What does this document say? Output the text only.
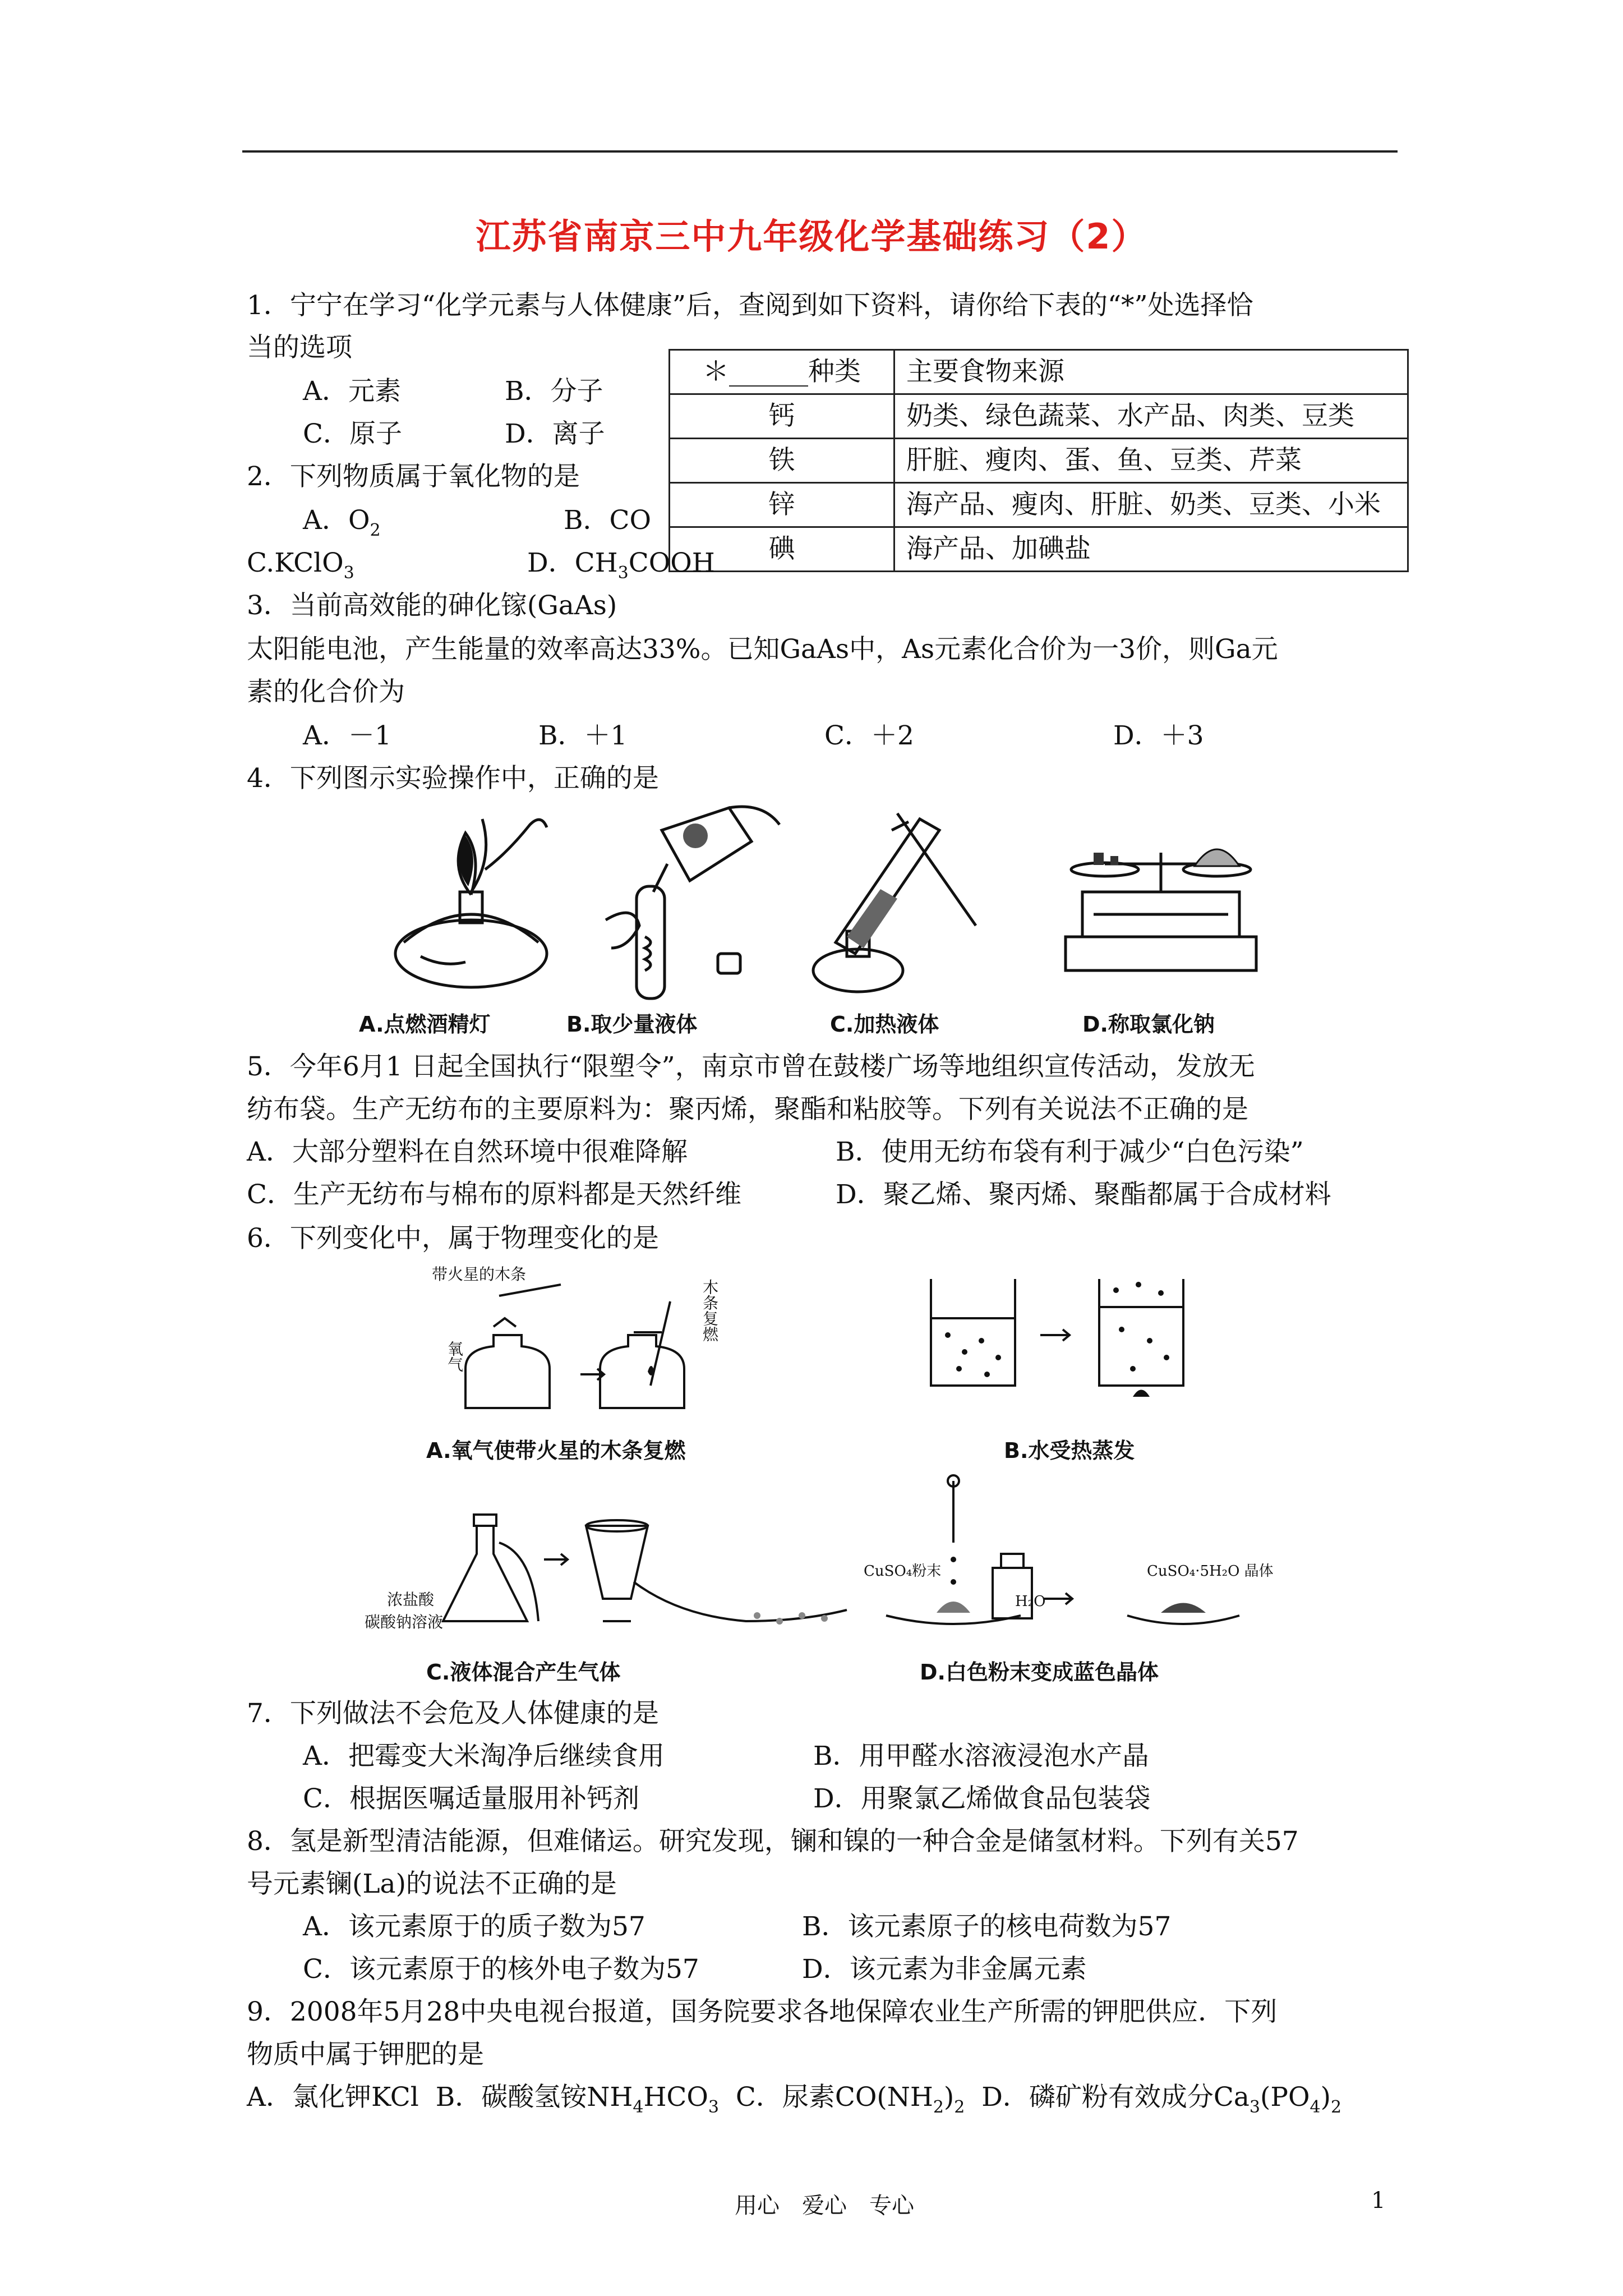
江苏省南京三中九年级化学基础练习（2）
1．宁宁在学习“化学元素与人体健康”后，查阅到如下资料，请你给下表的“*”处选择恰
当的选项
A．元素	B．分子
C．原子	D．离子
＊______种类	主要食物来源
钙	奶类、绿色蔬菜、水产品、肉类、豆类
铁	肝脏、瘦肉、蛋、鱼、豆类、芹菜
锌	海产品、瘦肉、肝脏、奶类、豆类、小米
碘	海产品、加碘盐
2．下列物质属于氧化物的是
A．$O_2$	B．CO
C.KClO$_3$	D．$CH_3COOH$
3．当前高效能的砷化镓(GaAs)
太阳能电池，产生能量的效率高达33%。已知GaAs中，As元素化合价为一3价，则Ga元
素的化合价为
A．－1	B．＋1	C．＋2	D．＋3
4．下列图示实验操作中，正确的是
A.点燃酒精灯	B.取少量液体	C.加热液体	D.称取氯化钠
5．今年6月1 日起全国执行“限塑令”，南京市曾在鼓楼广场等地组织宣传活动，发放无
纺布袋。生产无纺布的主要原料为：聚丙烯，聚酯和粘胶等。下列有关说法不正确的是
A．大部分塑料在自然环境中很难降解	B．使用无纺布袋有利于减少“白色污染”
C．生产无纺布与棉布的原料都是天然纤维	D．聚乙烯、聚丙烯、聚酯都属于合成材料
6．下列变化中，属于物理变化的是
带火星的木条
氧气
木条复燃
A.氧气使带火星的木条复燃	B.水受热蒸发
浓盐酸
碳酸钠溶液
C.液体混合产生气体
CuSO₄粉末
H₂O
CuSO₄·5H₂O 晶体
D.白色粉末变成蓝色晶体
7．下列做法不会危及人体健康的是
A．把霉变大米淘净后继续食用	B．用甲醛水溶液浸泡水产晶
C．根据医嘱适量服用补钙剂	D．用聚氯乙烯做食品包装袋
8．氢是新型清洁能源，但难储运。研究发现，镧和镍的一种合金是储氢材料。下列有关57
号元素镧(La)的说法不正确的是
A．该元素原于的质子数为57	B．该元素原子的核电荷数为57
C．该元素原于的核外电子数为57	D．该元素为非金属元素
9．2008年5月28中央电视台报道，国务院要求各地保障农业生产所需的钾肥供应．下列
物质中属于钾肥的是
A．氯化钾KCl B．碳酸氢铵$NH_4HCO_3$ C．尿素$CO(NH_2)_2$ D．磷矿粉有效成分$Ca_3(PO_4)_2$
用心　爱心　专心	1
